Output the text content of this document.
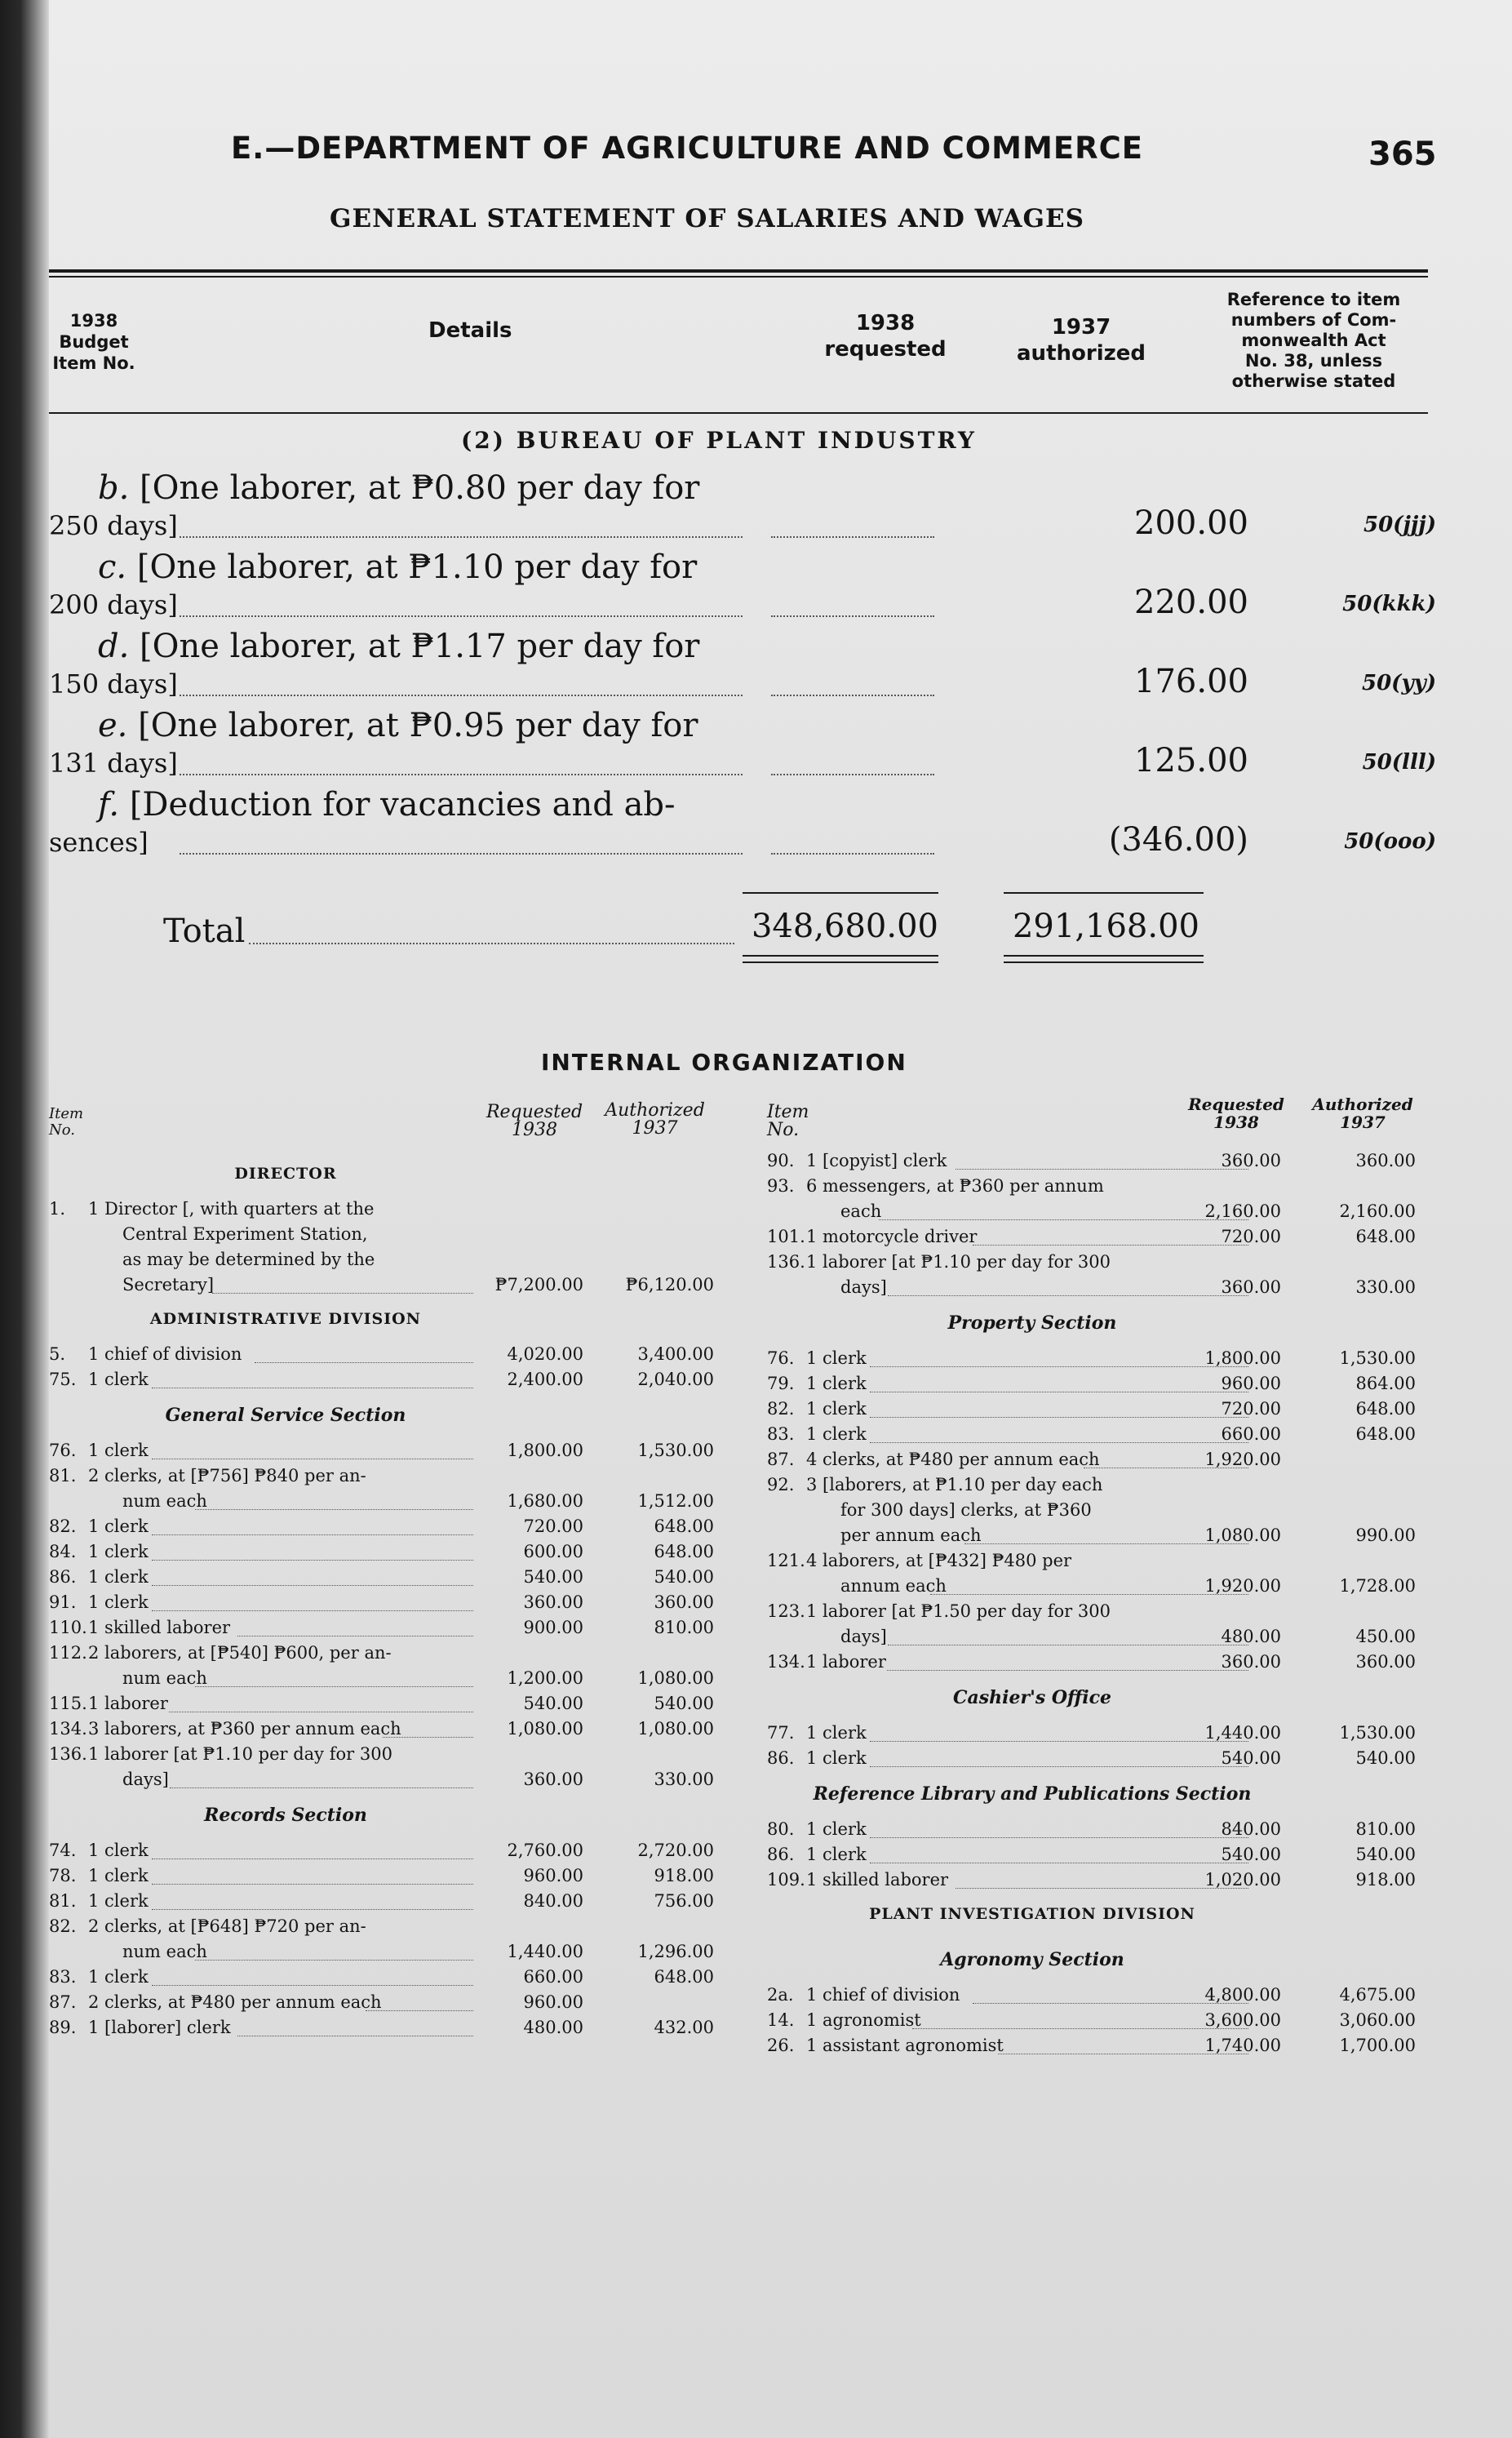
E.—DEPARTMENT OF AGRICULTURE AND COMMERCE	365
GENERAL STATEMENT OF SALARIES AND WAGES
1938
Budget
Item No.
Details	1938
requested
1937
authorized
Reference to item
numbers of Com-
monwealth Act
No. 38, unless
otherwise stated
(2) BUREAU OF PLANT INDUSTRY
b. [One laborer, at ₱0.80 per day for
250 days]	200.00	50(jjj)
c. [One laborer, at ₱1.10 per day for
200 days]	220.00	50(kkk)
d. [One laborer, at ₱1.17 per day for
150 days]	176.00	50(yy)
e. [One laborer, at ₱0.95 per day for
131 days]	125.00	50(lll)
f. [Deduction for vacancies and ab-
sences]	(346.00)	50(ooo)
Total	348,680.00 291,168.00
INTERNAL ORGANIZATION
Item
No.
Requested
1938
Authorized
1937
Item
No.
Requested
1938
Authorized
1937
DIRECTOR
1.	1 Director [, with quarters at the
Central Experiment Station,
as may be determined by the
Secretary]	₱7,200.00	₱6,120.00
ADMINISTRATIVE DIVISION
5.	1 chief of division	4,020.00	3,400.00
75. 1 clerk	2,400.00	2,040.00
General Service Section
76. 1 clerk	1,800.00	1,530.00
81. 2 clerks, at [₱756] ₱840 per an-
num each	1,680.00	1,512.00
82. 1 clerk	720.00	648.00
84. 1 clerk	600.00	648.00
86. 1 clerk	540.00	540.00
91. 1 clerk	360.00	360.00
110. 1 skilled laborer	900.00	810.00
112. 2 laborers, at [₱540] ₱600, per an-
num each	1,200.00	1,080.00
115. 1 laborer	540.00	540.00
134. 3 laborers, at ₱360 per annum each	1,080.00	1,080.00
136. 1 laborer [at ₱1.10 per day for 300
days]	360.00	330.00
Records Section
74. 1 clerk	2,760.00	2,720.00
78. 1 clerk	960.00	918.00
81. 1 clerk	840.00	756.00
82. 2 clerks, at [₱648] ₱720 per an-
num each	1,440.00	1,296.00
83. 1 clerk	660.00	648.00
87. 2 clerks, at ₱480 per annum each	960.00
89. 1 [laborer] clerk	480.00	432.00
90. 1 [copyist] clerk	360.00	360.00
93. 6 messengers, at ₱360 per annum
each	2,160.00	2,160.00
101. 1 motorcycle driver	720.00	648.00
136. 1 laborer [at ₱1.10 per day for 300
days]	360.00	330.00
Property Section
76. 1 clerk	1,800.00	1,530.00
79. 1 clerk	960.00	864.00
82. 1 clerk	720.00	648.00
83. 1 clerk	660.00	648.00
87. 4 clerks, at ₱480 per annum each	1,920.00
92. 3 [laborers, at ₱1.10 per day each
for 300 days] clerks, at ₱360
per annum each	1,080.00	990.00
121. 4 laborers, at [₱432] ₱480 per
annum each	1,920.00	1,728.00
123. 1 laborer [at ₱1.50 per day for 300
days]	480.00	450.00
134. 1 laborer	360.00	360.00
Cashier's Office
77. 1 clerk	1,440.00	1,530.00
86. 1 clerk	540.00	540.00
Reference Library and Publications Section
80. 1 clerk	840.00	810.00
86. 1 clerk	540.00	540.00
109. 1 skilled laborer	1,020.00	918.00
PLANT INVESTIGATION DIVISION
Agronomy Section
2a. 1 chief of division	4,800.00	4,675.00
14. 1 agronomist	3,600.00	3,060.00
26. 1 assistant agronomist	1,740.00	1,700.00
